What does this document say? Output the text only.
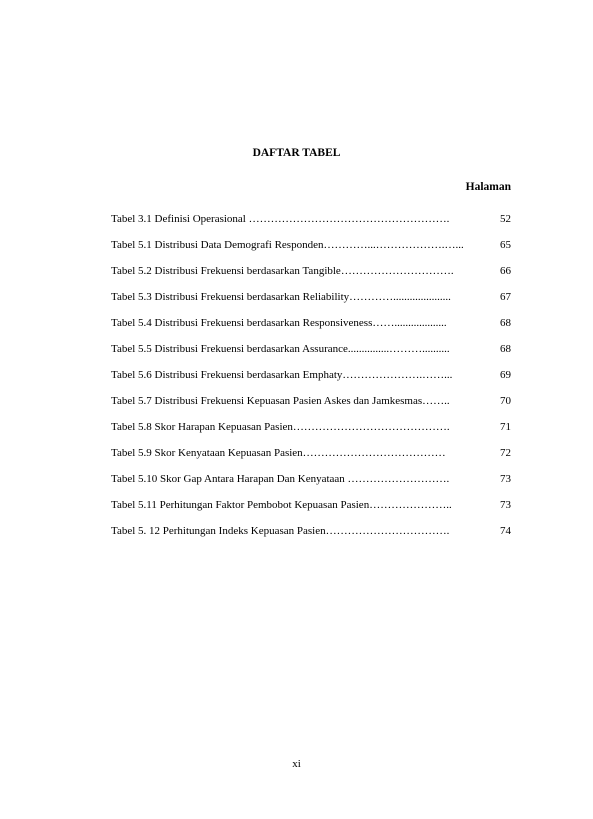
DAFTAR TABEL
Halaman
Tabel 3.1 Definisi Operasional ……………………………………………….	52
Tabel 5.1 Distribusi Data Demografi Responden…………...……………….…...	65
Tabel 5.2 Distribusi Frekuensi berdasarkan Tangible………………………….	66
Tabel 5.3 Distribusi Frekuensi berdasarkan Reliability………….....................	67
Tabel 5.4 Distribusi Frekuensi berdasarkan Responsiveness……...................	68
Tabel 5.5 Distribusi Frekuensi berdasarkan Assurance...............………..........	68
Tabel 5.6 Distribusi Frekuensi berdasarkan Emphaty………………….……...	69
Tabel 5.7 Distribusi Frekuensi Kepuasan Pasien Askes dan Jamkesmas……..	70
Tabel 5.8 Skor Harapan Kepuasan Pasien…………………………………….	71
Tabel 5.9 Skor Kenyataan Kepuasan Pasien…………………………………	72
Tabel 5.10 Skor Gap Antara Harapan Dan Kenyataan ……………………….	73
Tabel 5.11 Perhitungan Faktor Pembobot Kepuasan Pasien…………………..	73
Tabel 5. 12 Perhitungan Indeks Kepuasan Pasien…………………………….	74
xi
